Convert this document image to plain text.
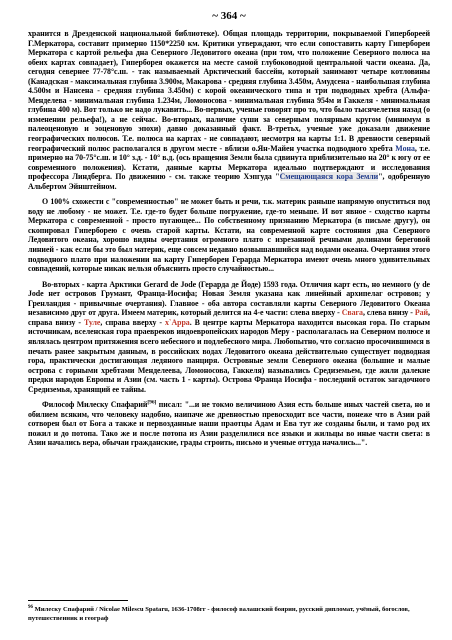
~ 364 ~

хранится в Дрезденской национальной библиотеке). Общая площадь территории, покрываемой Гипербореей Г.Меркатора, составит примерно 1150*2250 км. Критики утверждают, что если сопоставить карту Гипербореи Меркатора с картой рельефа дна Северного Ледовитого океана (при том, что положение Северного полюса на обеих картах совпадает), Гиперборея окажется на месте самой глубоководной центральной части океана. Да, сегодня севернее 77-78°с.ш. - так называемый Арктический бассейн, который занимают четыре котловины (Канадская - максимальная глубина 3.900м, Макарова - средняя глубина 3.450м, Амудсена - наибольшая глубина 4.500м и Нансена - средняя глубина 3.450м) с корой океанического типа и три подводных хребта (Альфа-Менделева - минимальная глубина 1.234м, Ломоносова - минимальная глубина 954м и Гаккеля - минимальная глубина 400 м). Вот только не надо лукавить... Во-первых, ученые говорят про то, что было тысячелетия назад (о изменении рельефа!), а не сейчас. Во-вторых, наличие суши за северным полярным кругом (минимум в палеоценовую и эоценовую эпохи) давно доказанный факт. В-третьх, ученые уже доказали движение географических полюсов. Т.е. полюса на картах - не совпадают, несмотря на карты 1:1. В древности северный географический полюс располагался в другом месте - вблизи о.Ян-Майен участка подводного хребта Мона, т.е. примерно на 70-75°с.ш. и 10° з.д. - 10° в.д. (ось вращения Земли была сдвинута приблизительно на 20° к югу от ее современного положения). Кстати, данные карты Меркатора идеально подтверждают и исследования профессора Линдберга. По движению - см. также теорию Хэпгуда "Смещающаяся кора Земли", одобренную Альбертом Эйнштейном.

О 100% схожести с "современностью" не может быть и речи, т.к. материк раньше напрямую опуститься под воду не любому - не может. Т.е. где-то будет больше погружение, где-то меньше. И вот явное - сходство карты Меркатора с современной - просто пугающее... По собственному признанию Меркатора (в письме другу), он скопировал Гиперборею с очень старой карты. Кстати, на современной карте состояния дна Северного Ледовитого океана, хорошо видны очертания огромного плато с изрезанной речными долинами береговой линией - как если бы это был материк, еще совсем недавно возвышавшийся над водами океана. Очертания этого подводного плато при наложении на карту Гипербореи Герарда Меркатора имеют очень много удивительных совпадений, которые никак нельзя объяснить просто случайностью...

Во-вторых - карта Арктики Gerard de Jode (Геpарда де Йоде) 1593 года. Отличия карт есть, но немного (у de Jode нет островов Грумант, Франца-Иосифа; Новая Земля указана как линейный архипелаг островов; у Гренландия - привычные очертания). Главное - оба автора составляли карты Северного Ледовитого Океана независимо друг от друга. Имеем материк, который делится на 4-е части: слева вверху - Свага, слева внизу - Рай, справа внизу - Туле, справа вверху - х`Арра. В центре карты Меркатора находится высокая гора. По старым источникам, вселенская гора праевреков индоевропейских народов Меру - располагалась на Северном полюсе и являлась центром притяжения всего небесного и подлебесного мира. Любопытно, что согласно просочившимся в печать ранее закрытым данным, в российских водах Ледовитого океана действительно существует подводная гора, практически достигающая ледяного панциря. Островные земли Северного океана (большие и малые острова с горными хребтами Менделеева, Ломоносова, Гаккеля) назывались Средиземьем, где жили далекие предки народов Европы и Азии (см. часть 1 - карты). Острова Франца Иосифа - последний остаток загадочного Средиземья, хранящий ее тайны.

Философ Милеску Спафарий[96] писал: "...и не токмо величиною Азия есть больше иных частей света, но и обилием всяким, что человеку надобно, наипаче же древностью превосходит все части, понеже что в Азии рай сотворен был от Бога а также и первозданные наши праотцы Адам и Ева тут же созданы были, и тамо род их пожил и до потопа. Тако же и после потопа из Азии разделилися все языки и жильцы во иные части света: в Азии начались вера, обычаи гражданские, грады строить, письмо и ученые оттуда начались...".

$^{96}$ Милеску Спафарий / Nicolae Milescu Spataru, 1636-1708гг - философ валашский боярин, русский дипломат, учёный, богослов, путешественник и географ
